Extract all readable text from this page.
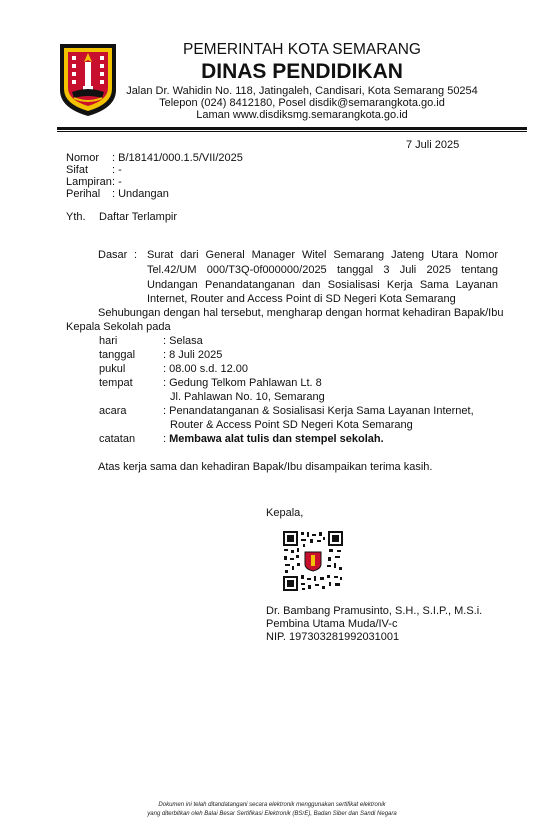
PEMERINTAH KOTA SEMARANG
DINAS PENDIDIKAN
Jalan Dr. Wahidin No. 118, Jatingaleh, Candisari, Kota Semarang 50254
Telepon (024) 8412180, Posel disdik@semarangkota.go.id
Laman www.disdiksmg.semarangkota.go.id
7 Juli 2025
Nomor : B/18141/000.1.5/VII/2025
Sifat : -
Lampiran : -
Perihal : Undangan
Yth. Daftar Terlampir
Dasar : Surat dari General Manager Witel Semarang Jateng Utara Nomor
Tel.42/UM 000/T3Q-0f000000/2025 tanggal 3 Juli 2025 tentang
Undangan Penandatanganan dan Sosialisasi Kerja Sama Layanan
Internet, Router and Access Point di SD Negeri Kota Semarang
Sehubungan dengan hal tersebut, mengharap dengan hormat kehadiran Bapak/Ibu
Kepala Sekolah pada
hari	: Selasa
tanggal	: 8 Juli 2025
pukul	: 08.00 s.d. 12.00
tempat	: Gedung Telkom Pahlawan Lt. 8
Jl. Pahlawan No. 10, Semarang
acara	: Penandatanganan & Sosialisasi Kerja Sama Layanan Internet,
Router & Access Point SD Negeri Kota Semarang
catatan	: Membawa alat tulis dan stempel sekolah.
Atas kerja sama dan kehadiran Bapak/Ibu disampaikan terima kasih.
Kepala,
Dr. Bambang Pramusinto, S.H., S.I.P., M.S.i.
Pembina Utama Muda/IV-c
NIP. 197303281992031001
Dokumen ini telah ditandatangani secara elektronik menggunakan sertifikat elektronik
yang diterbitkan oleh Balai Besar Sertifikasi Elektronik (BSrE), Badan Siber dan Sandi Negara
